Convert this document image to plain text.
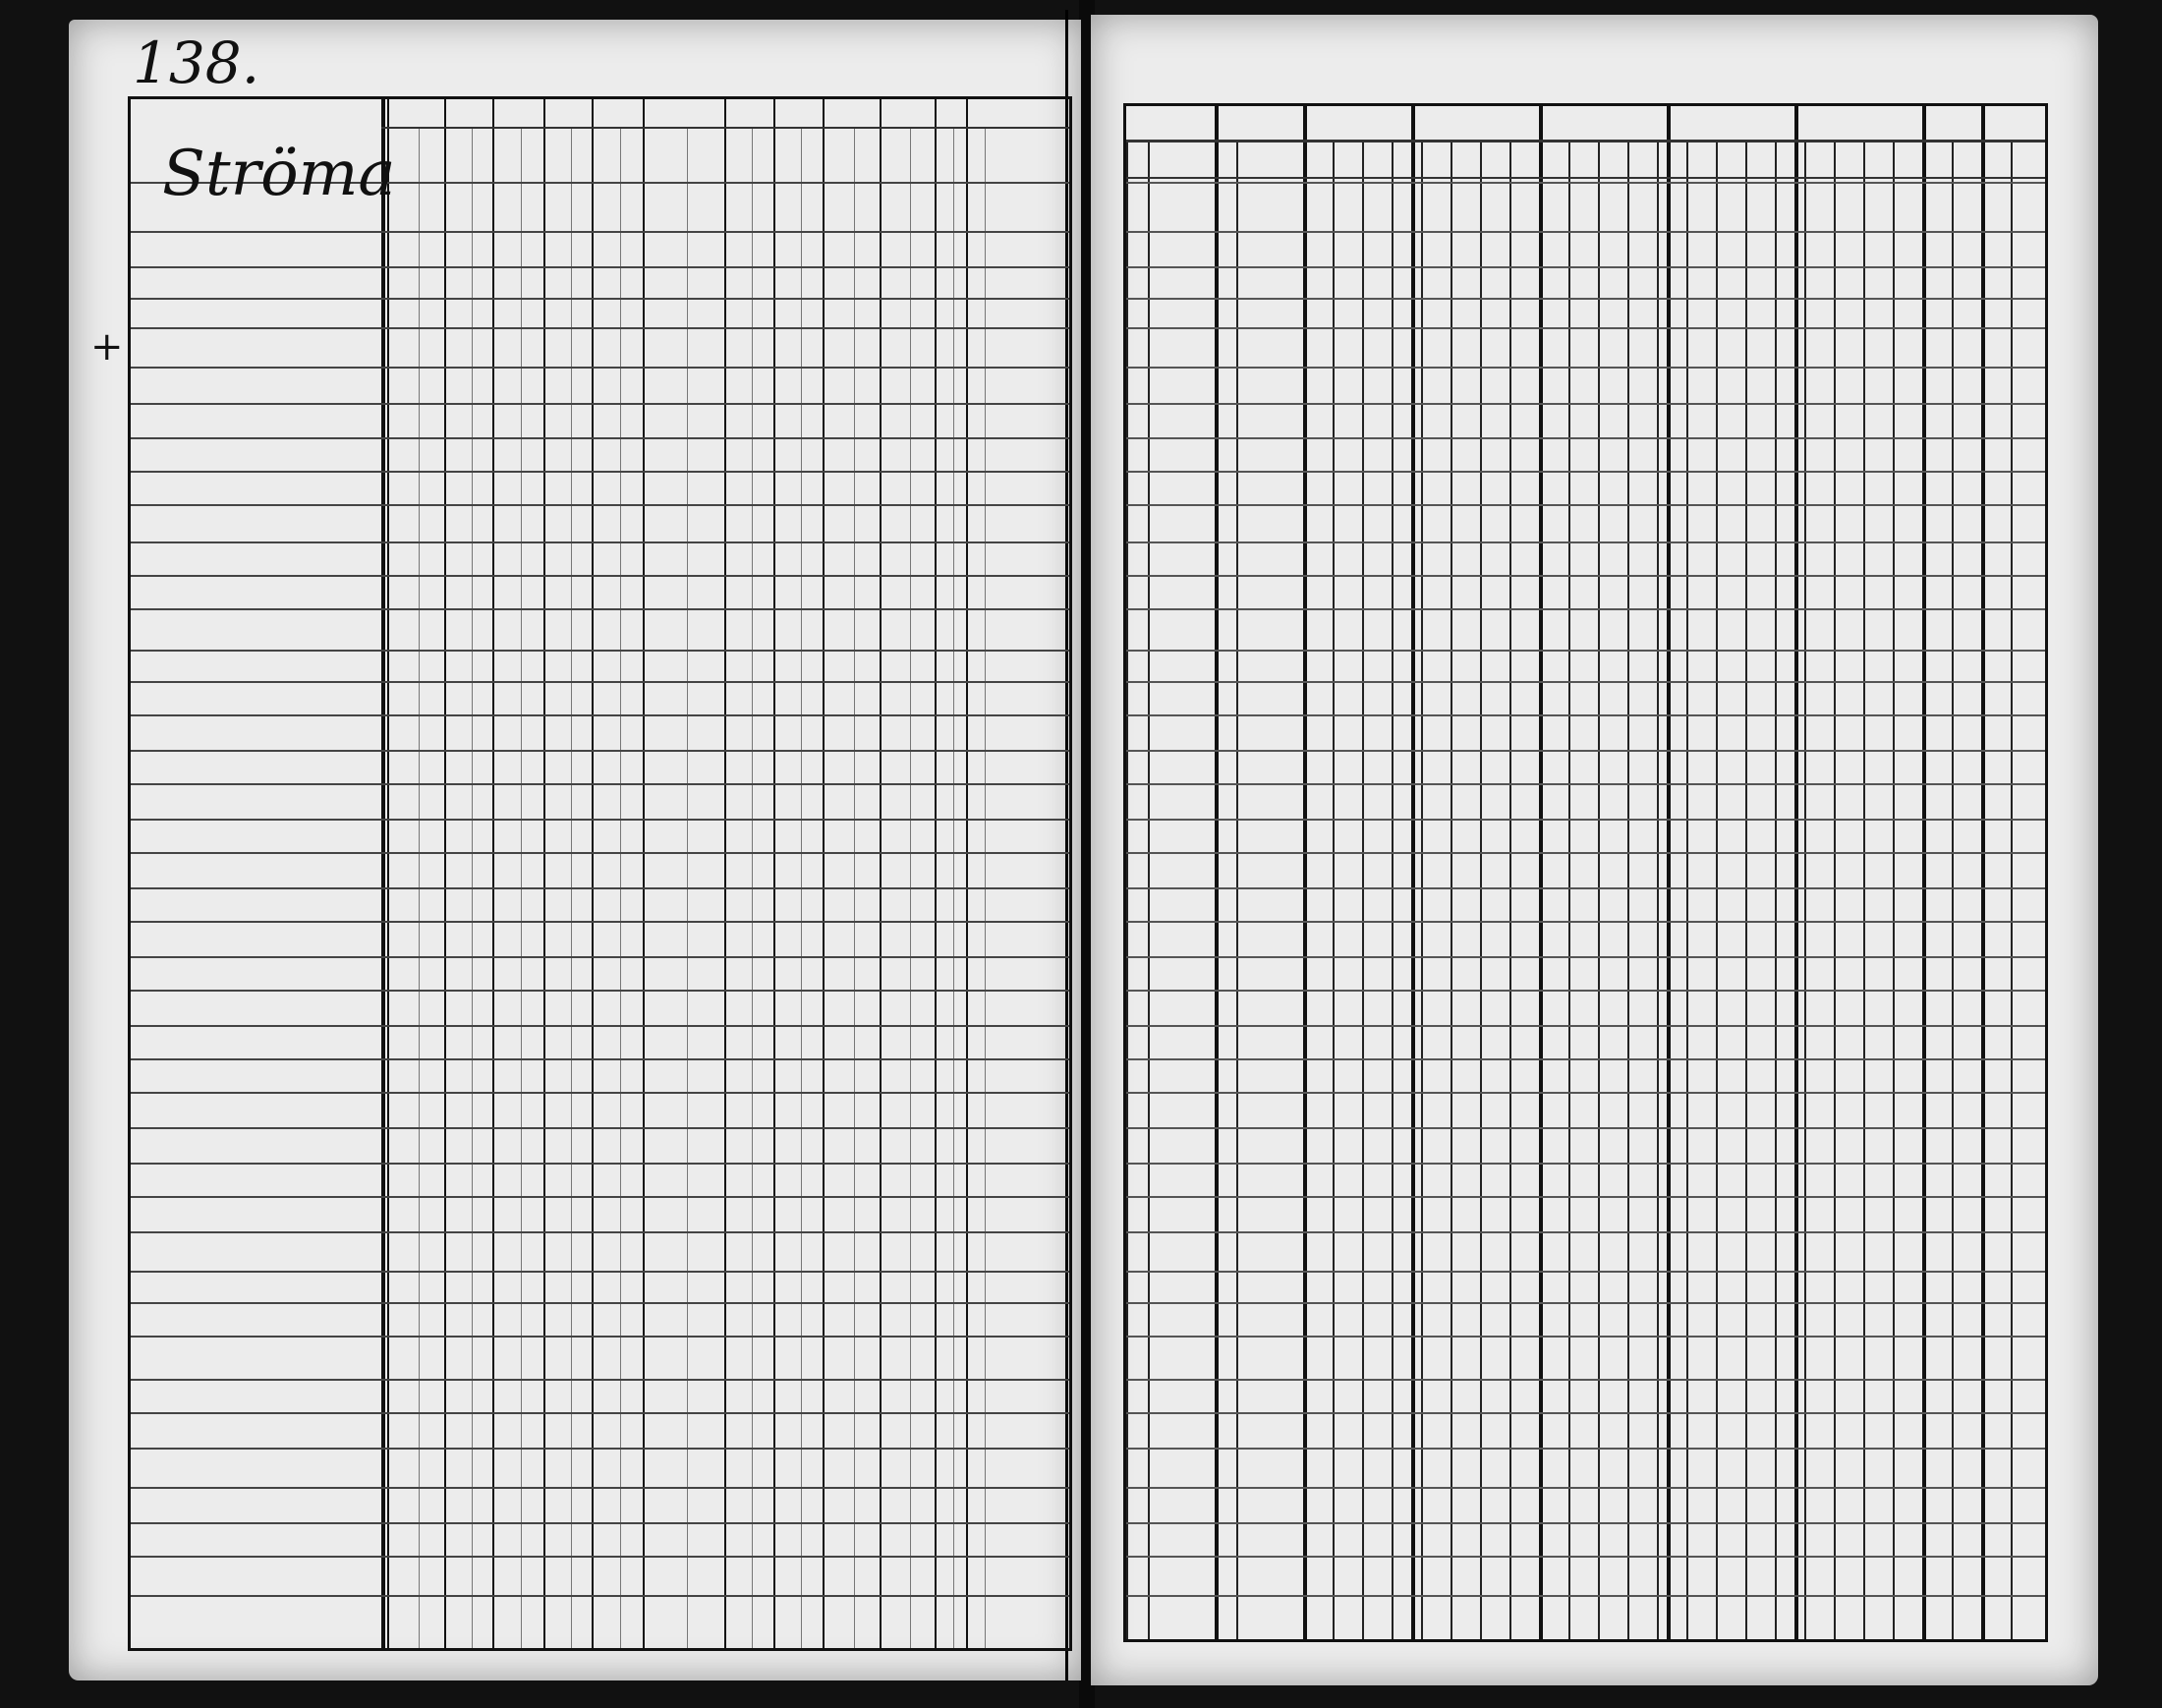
138.
Ströma
+
